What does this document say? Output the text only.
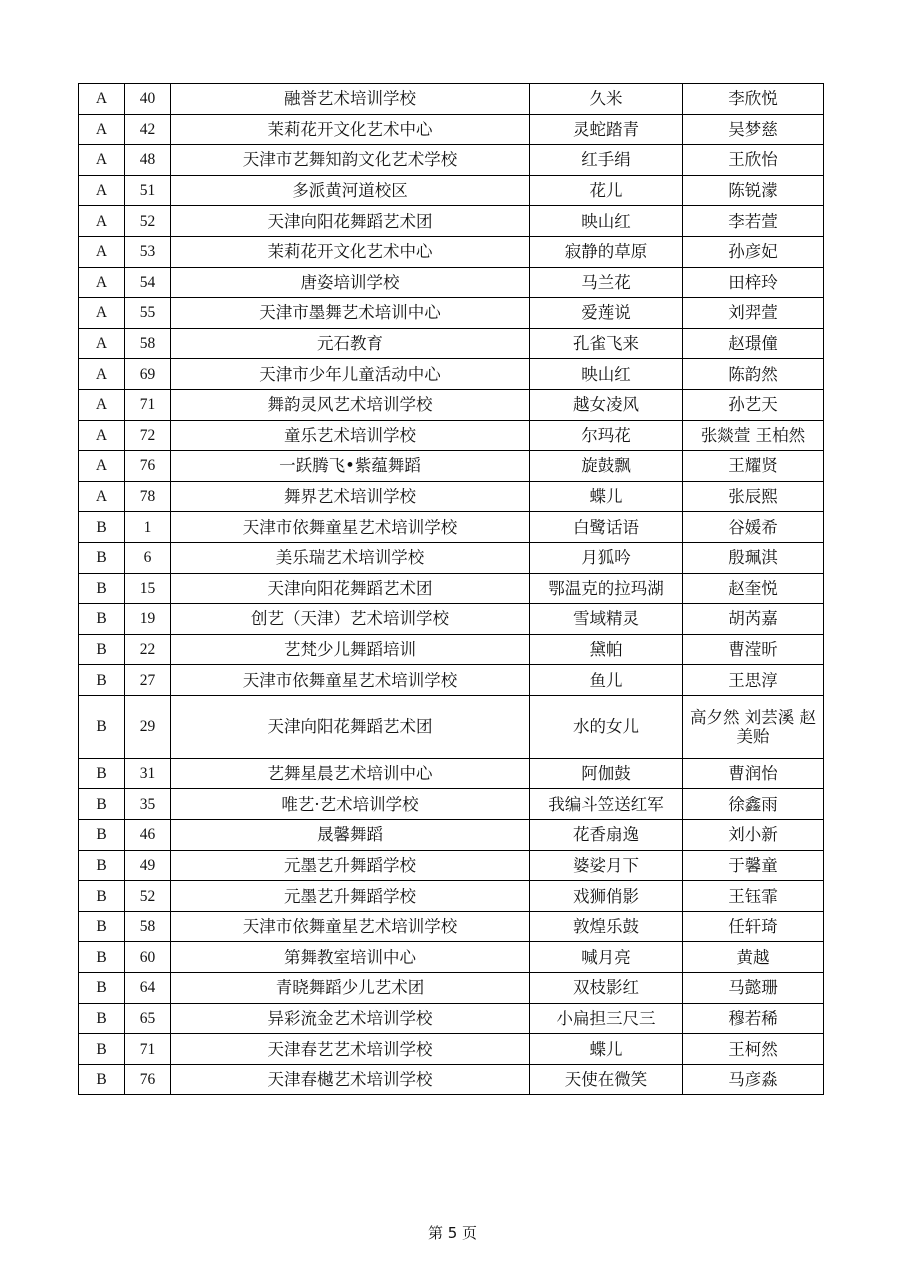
A	40	融誉艺术培训学校	久米	李欣悦
A	42	茉莉花开文化艺术中心	灵蛇踏青	吴梦慈
A	48	天津市艺舞知韵文化艺术学校	红手绢	王欣怡
A	51	多派黄河道校区	花儿	陈锐濛
A	52	天津向阳花舞蹈艺术团	映山红	李若萱
A	53	茉莉花开文化艺术中心	寂静的草原	孙彦妃
A	54	唐姿培训学校	马兰花	田梓玲
A	55	天津市墨舞艺术培训中心	爱莲说	刘羿萱
A	58	元石教育	孔雀飞来	赵璟僮
A	69	天津市少年儿童活动中心	映山红	陈韵然
A	71	舞韵灵风艺术培训学校	越女凌风	孙艺天
A	72	童乐艺术培训学校	尔玛花	张燚萱 王柏然
A	76	一跃腾飞•紫蕴舞蹈	旋鼓飘	王耀贤
A	78	舞界艺术培训学校	蝶儿	张辰熙
B	1	天津市依舞童星艺术培训学校	白鹭话语	谷媛希
B	6	美乐瑞艺术培训学校	月狐吟	殷珮淇
B	15	天津向阳花舞蹈艺术团	鄂温克的拉玛湖	赵奎悦
B	19	创艺（天津）艺术培训学校	雪域精灵	胡芮嘉
B	22	艺梵少儿舞蹈培训	黛帕	曹滢昕
B	27	天津市依舞童星艺术培训学校	鱼儿	王思淳
B	29	天津向阳花舞蹈艺术团	水的女儿	高夕然 刘芸溪 赵美贻
B	31	艺舞星晨艺术培训中心	阿伽鼓	曹润怡
B	35	唯艺·艺术培训学校	我编斗笠送红军	徐鑫雨
B	46	晟馨舞蹈	花香扇逸	刘小新
B	49	元墨艺升舞蹈学校	婆娑月下	于馨童
B	52	元墨艺升舞蹈学校	戏狮俏影	王钰霏
B	58	天津市依舞童星艺术培训学校	敦煌乐鼓	任轩琦
B	60	第舞教室培训中心	喊月亮	黄越
B	64	青晓舞蹈少儿艺术团	双枝影红	马懿珊
B	65	异彩流金艺术培训学校	小扁担三尺三	穆若稀
B	71	天津春艺艺术培训学校	蝶儿	王柯然
B	76	天津春樾艺术培训学校	天使在微笑	马彦淼
第 5 页
